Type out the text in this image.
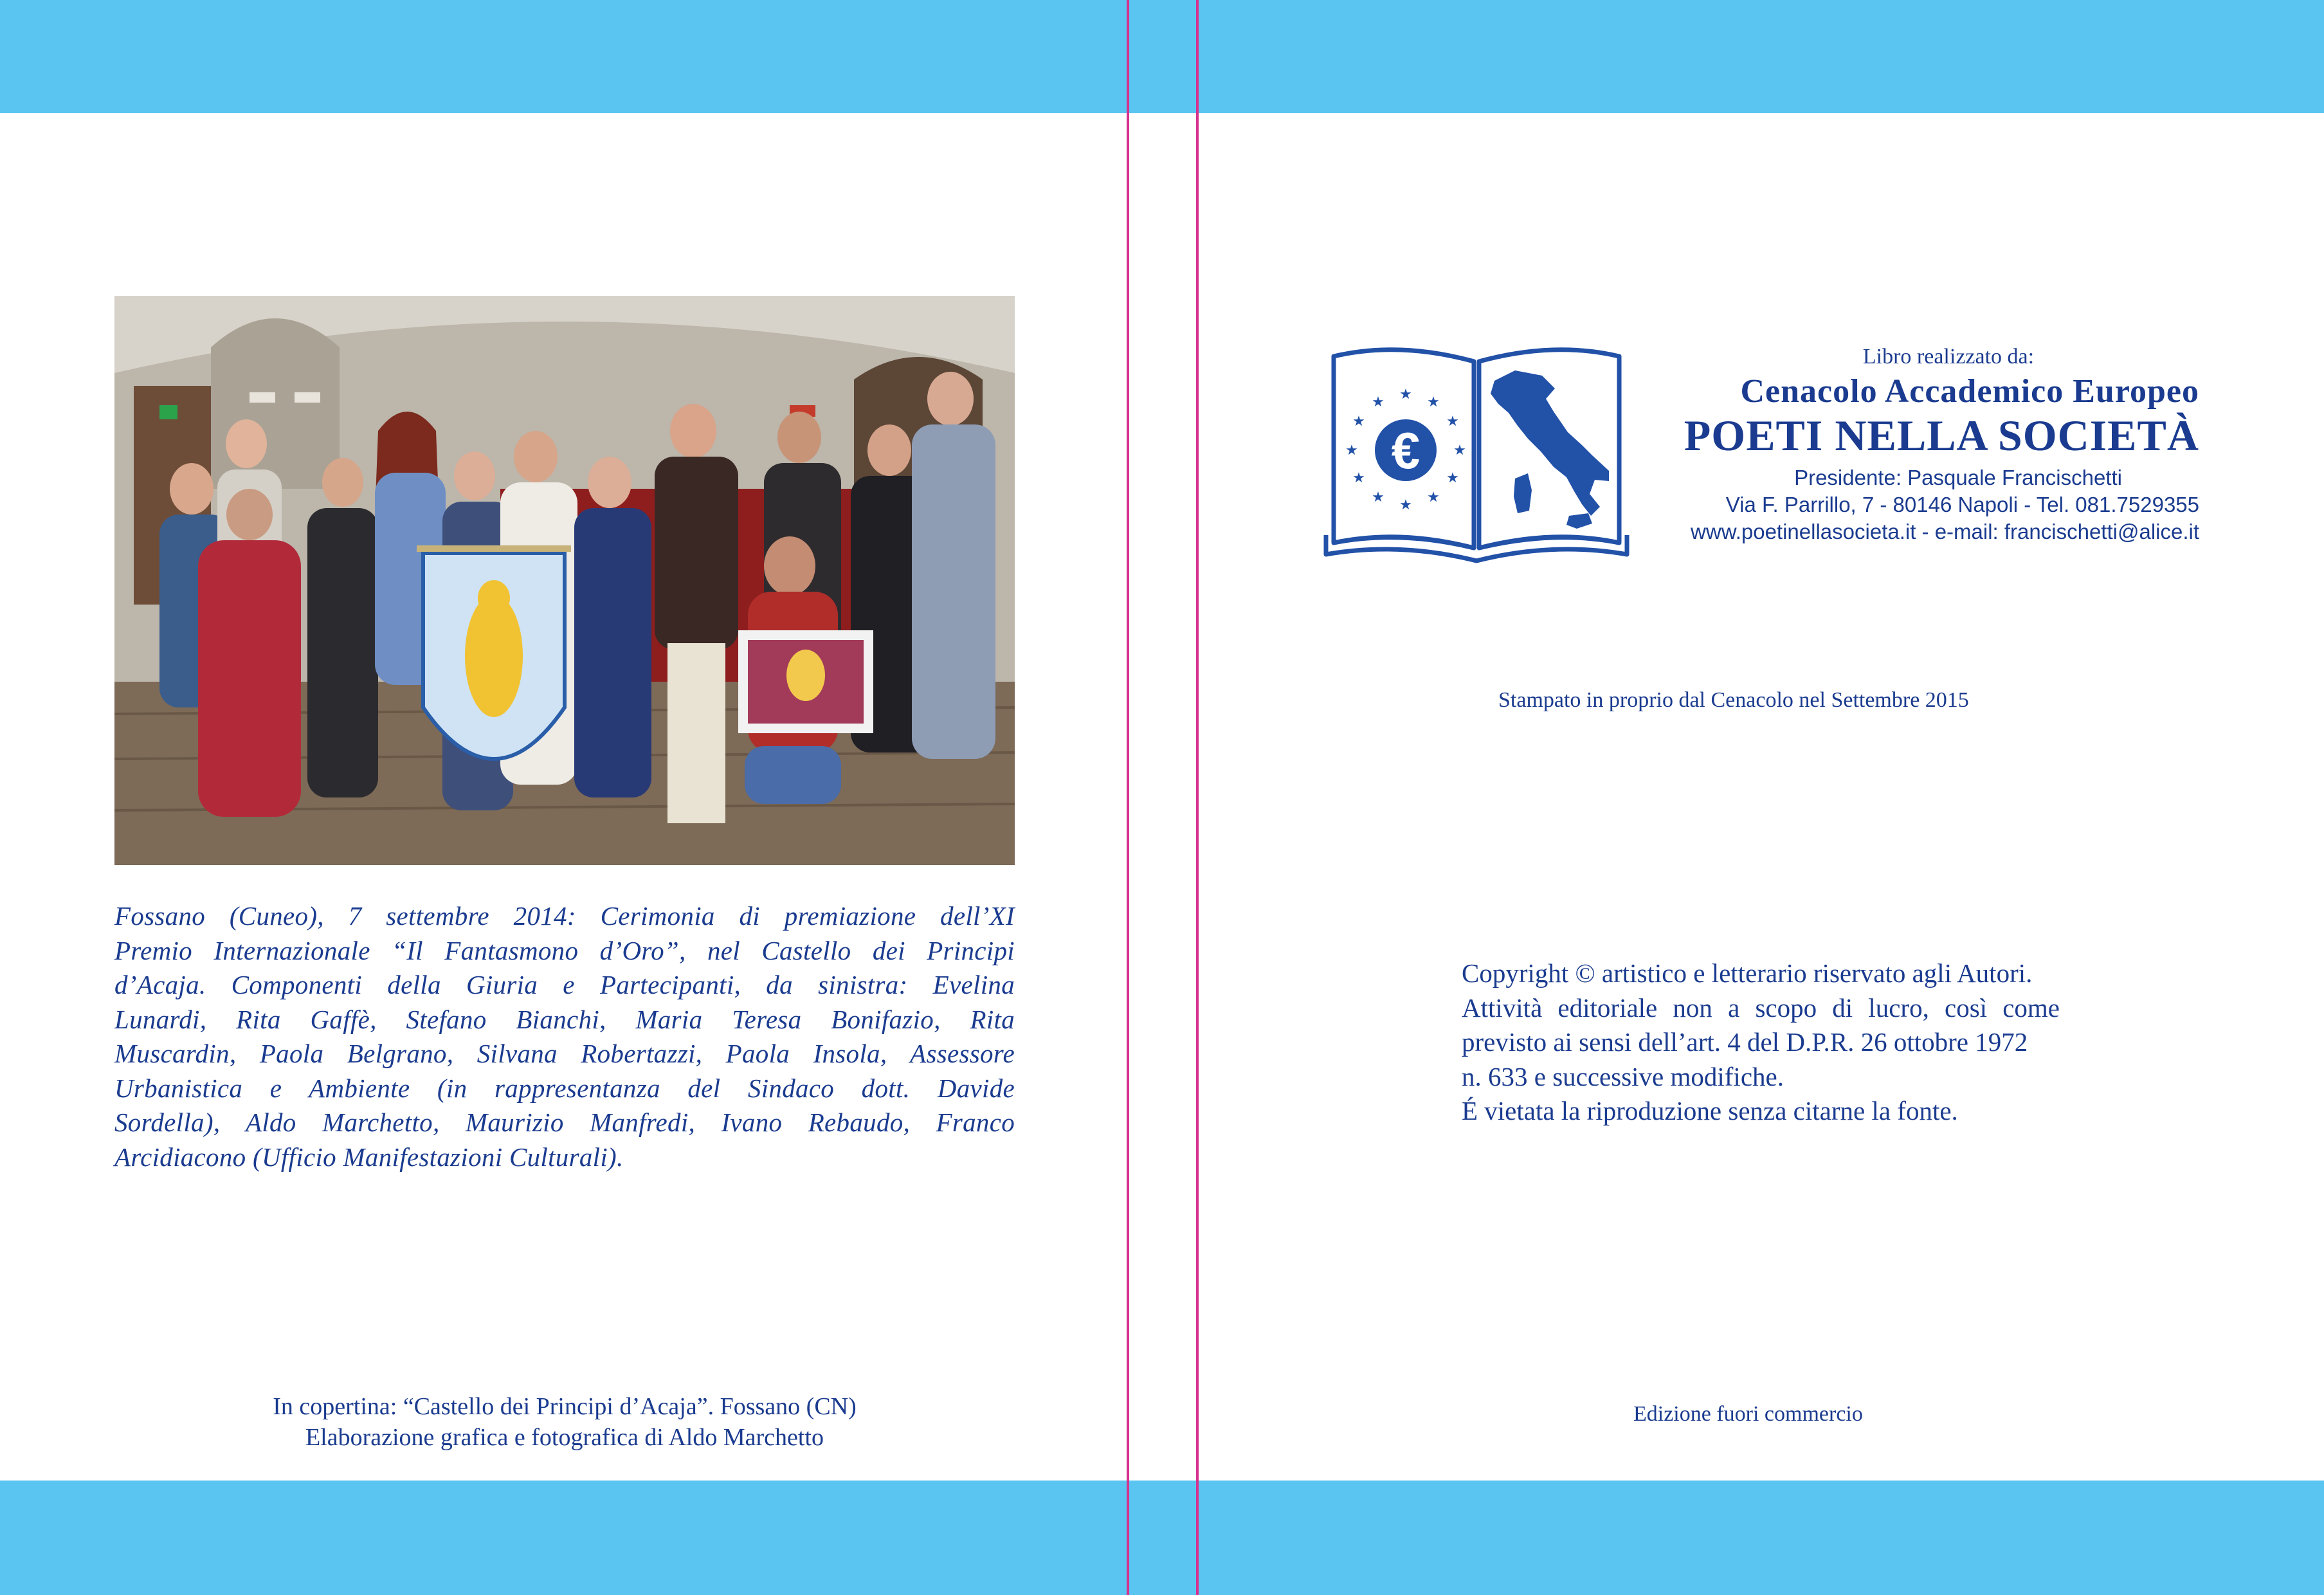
Fossano (Cuneo), 7 settembre 2014: Cerimonia di premiazione dell’XI
Premio Internazionale “Il Fantasmono d’Oro”, nel Castello dei Principi
d’Acaja. Componenti della Giuria e Partecipanti, da sinistra: Evelina
Lunardi, Rita Gaffè, Stefano Bianchi, Maria Teresa Bonifazio, Rita
Muscardin, Paola Belgrano, Silvana Robertazzi, Paola Insola, Assessore
Urbanistica e Ambiente (in rappresentanza del Sindaco dott. Davide
Sordella), Aldo Marchetto, Maurizio Manfredi, Ivano Rebaudo, Franco
Arcidiacono (Ufficio Manifestazioni Culturali).
In copertina: “Castello dei Principi d’Acaja”. Fossano (CN)
Elaborazione grafica e fotografica di Aldo Marchetto
€
★ ★
★
★
★
★
★
★
★
★
★
★
Libro realizzato da:
Cenacolo Accademico Europeo
POETI NELLA SOCIETÀ
Presidente: Pasquale Francischetti
Via F. Parrillo, 7 - 80146 Napoli - Tel. 081.7529355
www.poetinellasocieta.it - e-mail: francischetti@alice.it
Stampato in proprio dal Cenacolo nel Settembre 2015
Copyright © artistico e letterario riservato agli Autori.
Attività editoriale non a scopo di lucro, così come
previsto ai sensi dell’art. 4 del D.P.R. 26 ottobre 1972
n. 633 e successive modifiche.
É vietata la riproduzione senza citarne la fonte.
Edizione fuori commercio
